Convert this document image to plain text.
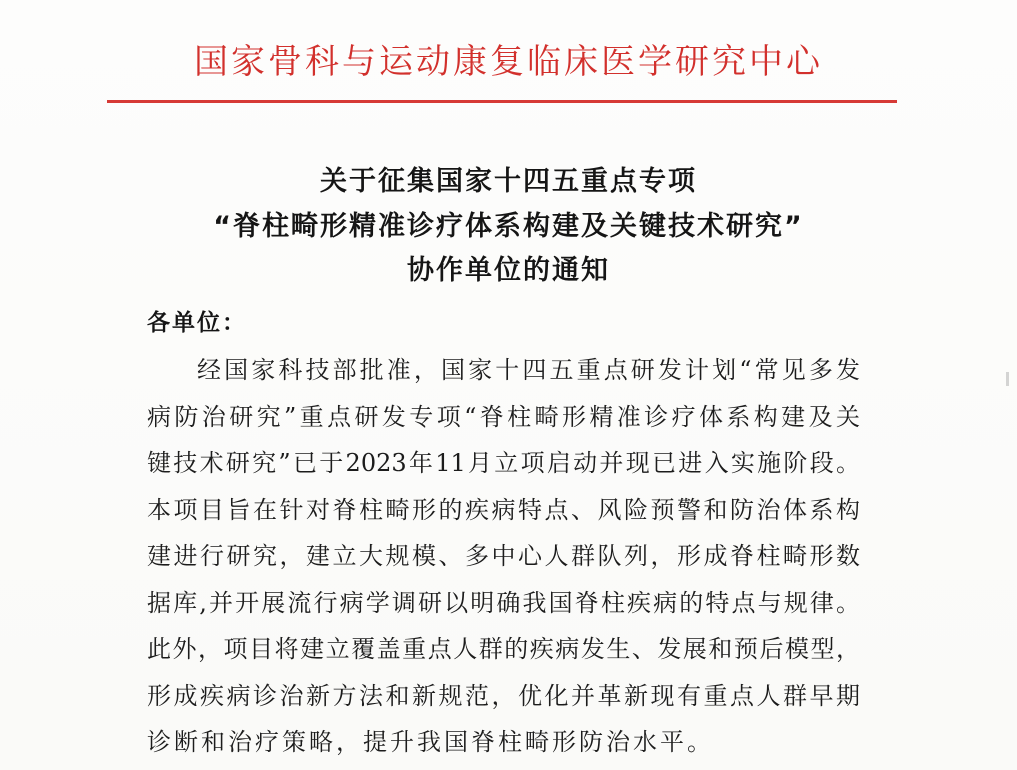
国家骨科与运动康复临床医学研究中心
关于征集国家十四五重点专项
“脊柱畸形精准诊疗体系构建及关键技术研究”
协作单位的通知
各单位：
经国家科技部批准，国家十四五重点研发计划“常见多发
病防治研究”重点研发专项“脊柱畸形精准诊疗体系构建及关
键技术研究”已于2023年11月立项启动并现已进入实施阶段。
本项目旨在针对脊柱畸形的疾病特点、风险预警和防治体系构
建进行研究，建立大规模、多中心人群队列，形成脊柱畸形数
据库,并开展流行病学调研以明确我国脊柱疾病的特点与规律。
此外，项目将建立覆盖重点人群的疾病发生、发展和预后模型，
形成疾病诊治新方法和新规范，优化并革新现有重点人群早期
诊断和治疗策略，提升我国脊柱畸形防治水平。
